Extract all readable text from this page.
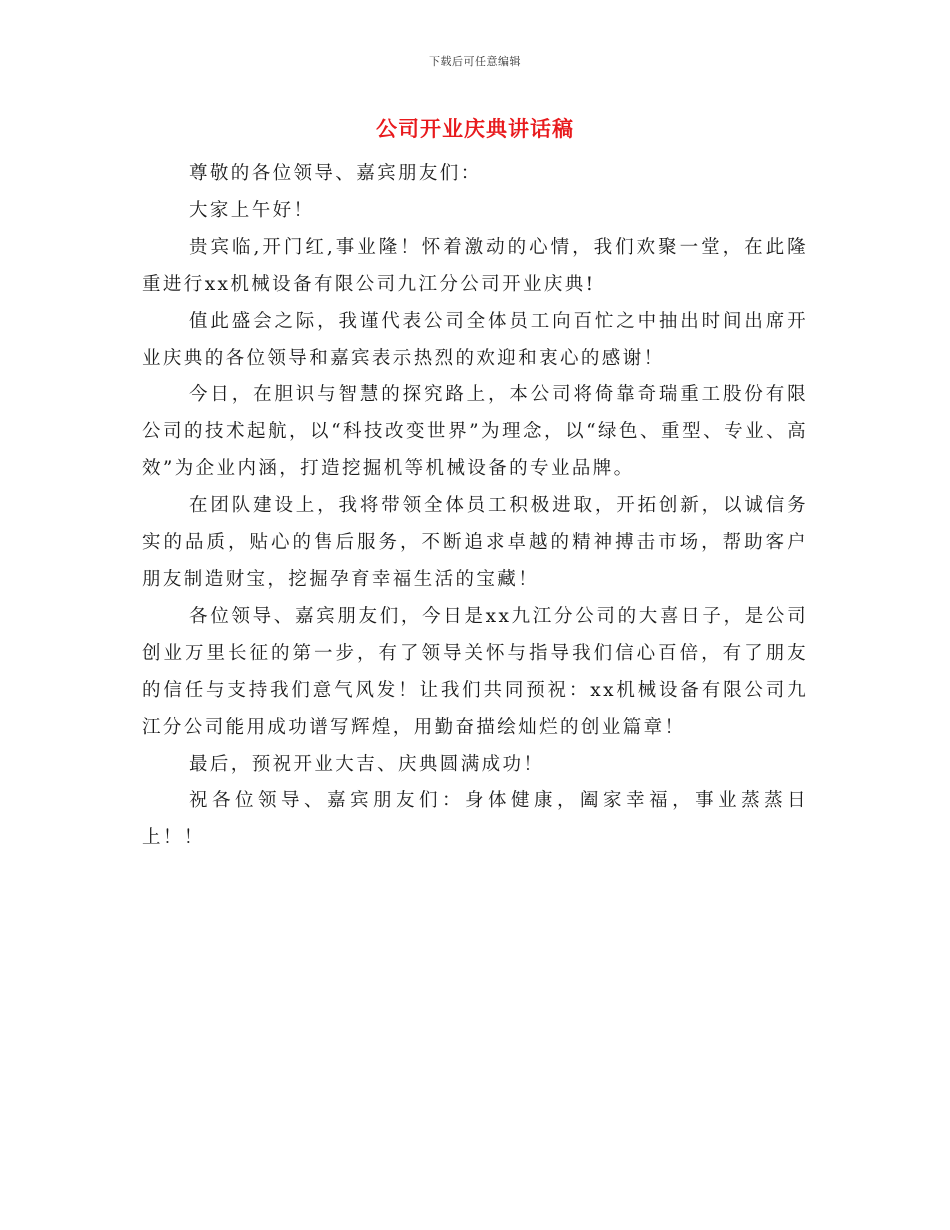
下载后可任意编辑
公司开业庆典讲话稿

尊敬的各位领导、嘉宾朋友们：

大家上午好！

贵宾临,开门红,事业隆！怀着激动的心情，我们欢聚一堂，在此隆重进行xx机械设备有限公司九江分公司开业庆典!

值此盛会之际，我谨代表公司全体员工向百忙之中抽出时间出席开业庆典的各位领导和嘉宾表示热烈的欢迎和衷心的感谢！

今日，在胆识与智慧的探究路上，本公司将倚靠奇瑞重工股份有限公司的技术起航，以“科技改变世界”为理念，以“绿色、重型、专业、高效”为企业内涵，打造挖掘机等机械设备的专业品牌。

在团队建设上，我将带领全体员工积极进取，开拓创新，以诚信务实的品质，贴心的售后服务，不断追求卓越的精神搏击市场，帮助客户朋友制造财宝，挖掘孕育幸福生活的宝藏！

各位领导、嘉宾朋友们，今日是xx九江分公司的大喜日子，是公司创业万里长征的第一步，有了领导关怀与指导我们信心百倍，有了朋友的信任与支持我们意气风发！让我们共同预祝：xx机械设备有限公司九江分公司能用成功谱写辉煌，用勤奋描绘灿烂的创业篇章！

最后，预祝开业大吉、庆典圆满成功！

祝各位领导、嘉宾朋友们：身体健康，阖家幸福，事业蒸蒸日上！！
